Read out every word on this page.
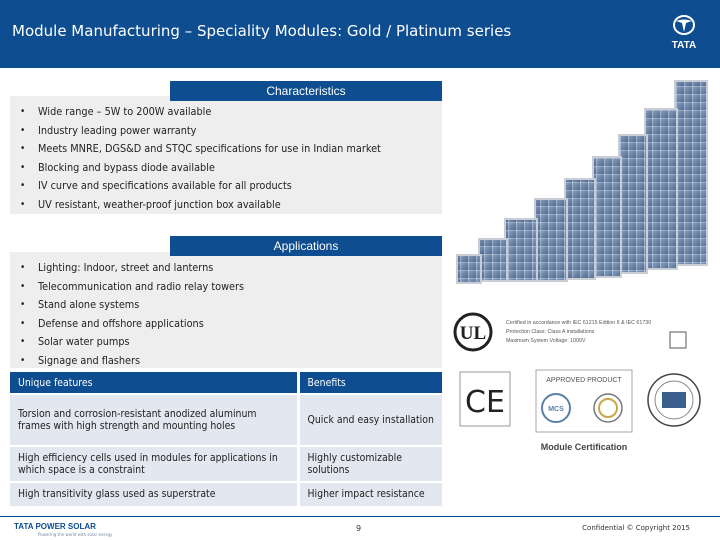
Module Manufacturing – Speciality Modules: Gold / Platinum series
TATA
Characteristics
• Wide range – 5W to 200W available
• Industry leading power warranty
• Meets MNRE, DGS&D and STQC specifications for use in Indian market
• Blocking and bypass diode available
• IV curve and specifications available for all products
• UV resistant, weather-proof junction box available
Applications
• Lighting: Indoor, street and lanterns
• Telecommunication and radio relay towers
• Stand alone systems
• Defense and offshore applications
• Solar water pumps
• Signage and flashers
Unique features	Benefits
Torsion and corrosion-resistant anodized aluminum frames with high strength and mounting holes	Quick and easy installation
High efficiency cells used in modules for applications in which space is a constraint	Highly customizable solutions
High transitivity glass used as superstrate	Higher impact resistance
UL	Certified in accordance with IEC 61215 Edition II & IEC 61730
Protection Class: Class A installations
Maximum System Voltage: 1000V
CE
APPROVED PRODUCT
MCS
Module Certification
TATA POWER SOLAR
Powering the world with solar energy
9	Confidential © Copyright 2015
